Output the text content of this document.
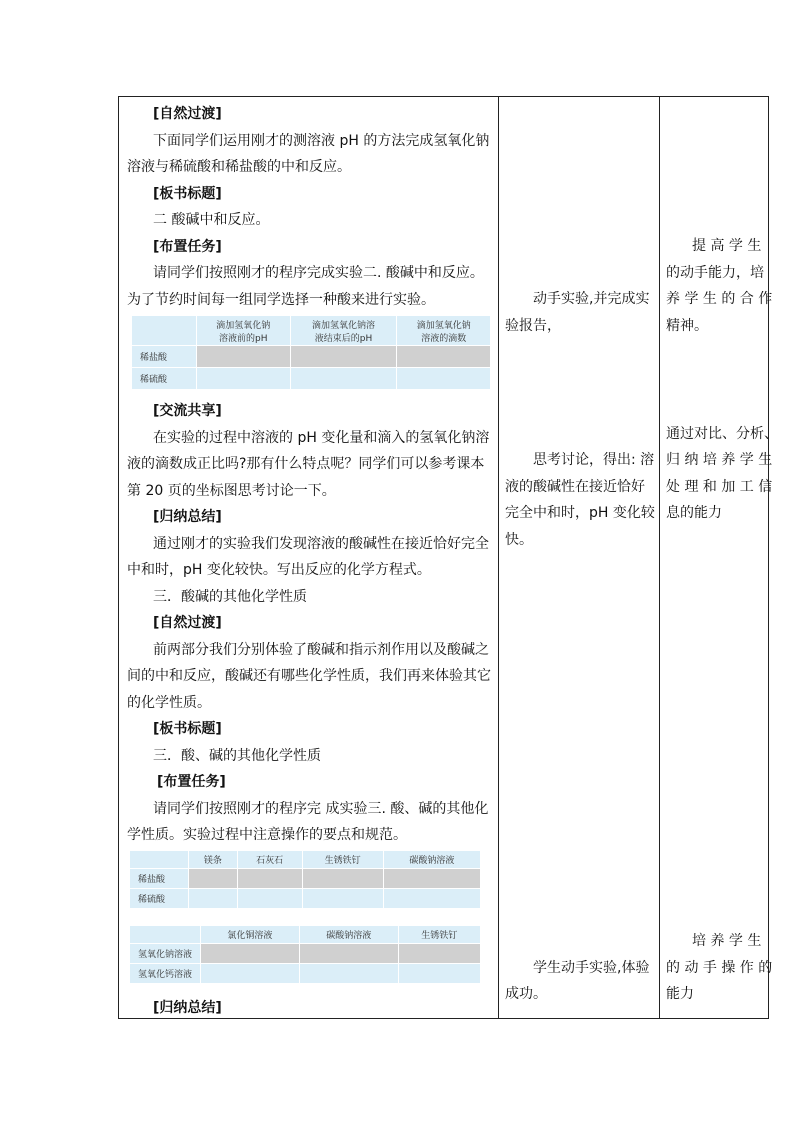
[自然过渡]
下面同学们运用刚才的测溶液 pH 的方法完成氢氧化钠
溶液与稀硫酸和稀盐酸的中和反应。
[板书标题]
二 酸碱中和反应。
[布置任务]
请同学们按照刚才的程序完成实验二. 酸碱中和反应。
为了节约时间每一组同学选择一种酸来进行实验。
	滴加氢氧化钠
溶液前的pH	滴加氢氧化钠溶
液结束后的pH	滴加氢氧化钠
溶液的滴数
稀盐酸			
稀硫酸			
[交流共享]
在实验的过程中溶液的 pH 变化量和滴入的氢氧化钠溶
液的滴数成正比吗?那有什么特点呢？同学们可以参考课本
第 20 页的坐标图思考讨论一下。
[归纳总结]
通过刚才的实验我们发现溶液的酸碱性在接近恰好完全
中和时，pH 变化较快。写出反应的化学方程式。
三．酸碱的其他化学性质
[自然过渡]
前两部分我们分别体验了酸碱和指示剂作用以及酸碱之
间的中和反应，酸碱还有哪些化学性质，我们再来体验其它
的化学性质。
[板书标题]
三．酸、碱的其他化学性质
[布置任务]
请同学们按照刚才的程序完 成实验三. 酸、碱的其他化
学性质。实验过程中注意操作的要点和规范。
	镁条	石灰石	生锈铁钉	碳酸钠溶液
稀盐酸				
稀硫酸				
	氯化铜溶液	碳酸钠溶液	生锈铁钉
氢氧化钠溶液			
氢氧化钙溶液			
[归纳总结]
动手实验,并完成实
验报告，
思考讨论，得出: 溶
液的酸碱性在接近恰好
完全中和时，pH 变化较
快。
学生动手实验,体验
成功。
提 高 学 生
的动手能力，培
养 学 生 的 合 作
精神。
通过对比、分析、
归 纳 培 养 学 生
处 理 和 加 工 信
息的能力
培 养 学 生
的 动 手 操 作 的
能力
